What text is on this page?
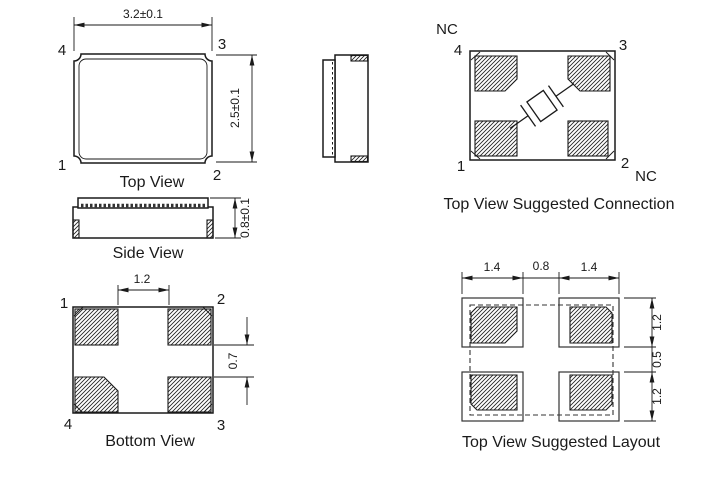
3.2±0.1
2.5±0.1
4	3
1
2
Top View
0.8±0.1
Side View
1.2
0.7
1	2
4	3
Bottom View
NC
4	3
1	2
NC
Top View Suggested Connection
1.4	0.8	1.4
1.2
0.5
1.2
Top View Suggested Layout
